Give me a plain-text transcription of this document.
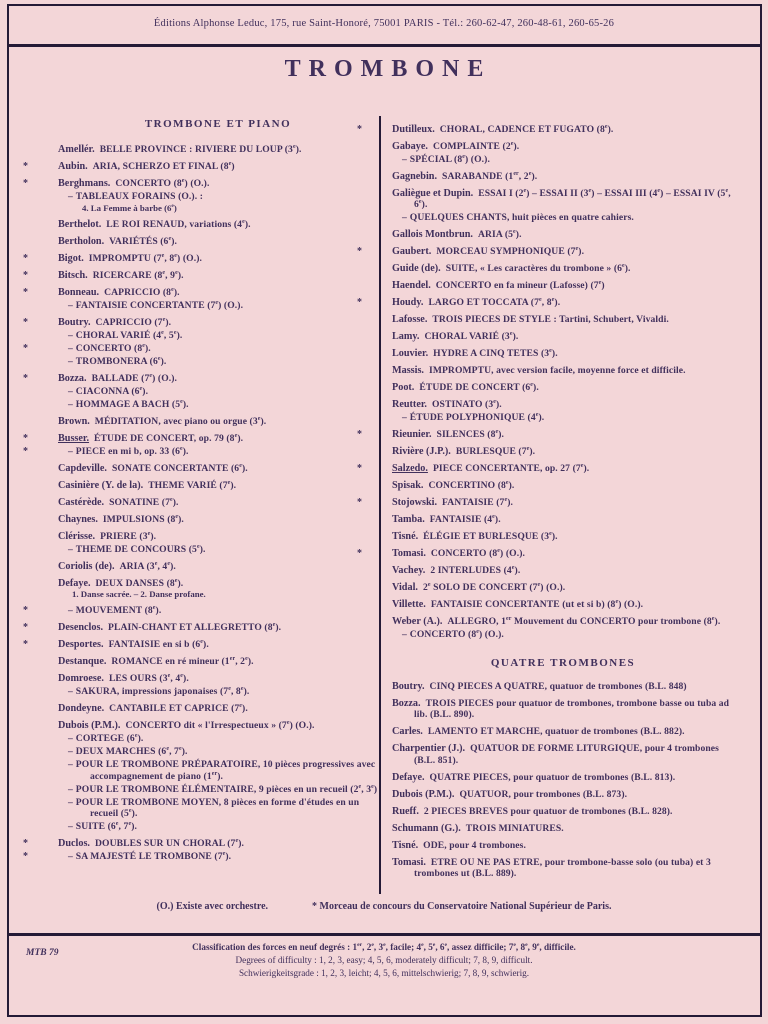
Éditions Alphonse Leduc, 175, rue Saint-Honoré, 75001 PARIS - Tél.: 260-62-47, 260-48-61, 260-65-26
TROMBONE
TROMBONE ET PIANO
Amellér. BELLE PROVINCE : RIVIERE DU LOUP (3e).
*	Aubin. ARIA, SCHERZO ET FINAL (8e)
*	Berghmans. CONCERTO (8e) (O.).
– TABLEAUX FORAINS (O.). :
4. La Femme à barbe (6e)
Berthelot. LE ROI RENAUD, variations (4e).
Bertholon. VARIÉTÉS (6e).
*	Bigot. IMPROMPTU (7e, 8e) (O.).
*	Bitsch. RICERCARE (8e, 9e).
*	Bonneau. CAPRICCIO (8e).
– FANTAISIE CONCERTANTE (7e) (O.).
*	Boutry. CAPRICCIO (7e).
– CHORAL VARIÉ (4e, 5e).
*	– CONCERTO (8e).
– TROMBONERA (6e).
*	Bozza. BALLADE (7e) (O.).
– CIACONNA (6e).
– HOMMAGE A BACH (5e).
Brown. MÉDITATION, avec piano ou orgue (3e).
*	Busser. ÉTUDE DE CONCERT, op. 79 (8e).
*	– PIECE en mi b, op. 33 (6e).
Capdeville. SONATE CONCERTANTE (6e).
Casinière (Y. de la). THEME VARIÉ (7e).
Castérède. SONATINE (7e).
Chaynes. IMPULSIONS (8e).
Clérisse. PRIERE (3e).
– THEME DE CONCOURS (5e).
Coriolis (de). ARIA (3e, 4e).
Defaye. DEUX DANSES (8e).
1. Danse sacrée. – 2. Danse profane.
*	– MOUVEMENT (8e).
*	Desenclos. PLAIN-CHANT ET ALLEGRETTO (8e).
*	Desportes. FANTAISIE en si b (6e).
Destanque. ROMANCE en ré mineur (1er, 2e).
Domroese. LES OURS (3e, 4e).
– SAKURA, impressions japonaises (7e, 8e).
Dondeyne. CANTABILE ET CAPRICE (7e).
Dubois (P.M.). CONCERTO dit « l'Irrespectueux » (7e) (O.).
– CORTEGE (6e).
– DEUX MARCHES (6e, 7e).
– POUR LE TROMBONE PRÉPARATOIRE, 10 pièces progressives avec accompagnement de piano (1er).
– POUR LE TROMBONE ÉLÉMENTAIRE, 9 pièces en un recueil (2e, 3e)
– POUR LE TROMBONE MOYEN, 8 pièces en forme d'études en un recueil (5e).
– SUITE (6e, 7e).
*	Duclos. DOUBLES SUR UN CHORAL (7e).
*	– SA MAJESTÉ LE TROMBONE (7e).
*	Dutilleux. CHORAL, CADENCE ET FUGATO (8e).
Gabaye. COMPLAINTE (2e).
– SPÉCIAL (8e) (O.).
Gagnebin. SARABANDE (1er, 2e).
Galiègue et Dupin. ESSAI I (2e) – ESSAI II (3e) – ESSAI III (4e) – ESSAI IV (5e, 6e).
– QUELQUES CHANTS, huit pièces en quatre cahiers.
Gallois Montbrun. ARIA (5e).
*	Gaubert. MORCEAU SYMPHONIQUE (7e).
Guide (de). SUITE, « Les caractères du trombone » (6e).
Haendel. CONCERTO en fa mineur (Lafosse) (7e)
*	Houdy. LARGO ET TOCCATA (7e, 8e).
Lafosse. TROIS PIECES DE STYLE : Tartini, Schubert, Vivaldi.
Lamy. CHORAL VARIÉ (3e).
Louvier. HYDRE A CINQ TETES (3e).
Massis. IMPROMPTU, avec version facile, moyenne force et difficile.
Poot. ÉTUDE DE CONCERT (6e).
Reutter. OSTINATO (3e).
– ÉTUDE POLYPHONIQUE (4e).
*	Rieunier. SILENCES (8e).
Rivière (J.P.). BURLESQUE (7e).
*	Salzedo. PIECE CONCERTANTE, op. 27 (7e).
Spisak. CONCERTINO (8e).
*	Stojowski. FANTAISIE (7e).
Tamba. FANTAISIE (4e).
Tisné. ÉLÉGIE ET BURLESQUE (3e).
*	Tomasi. CONCERTO (8e) (O.).
Vachey. 2 INTERLUDES (4e).
Vidal. 2e SOLO DE CONCERT (7e) (O.).
Villette. FANTAISIE CONCERTANTE (ut et si b) (8e) (O.).
Weber (A.). ALLEGRO, 1er Mouvement du CONCERTO pour trombone (8e).
– CONCERTO (8e) (O.).
QUATRE TROMBONES
Boutry. CINQ PIECES A QUATRE, quatuor de trombones (B.L. 848)
Bozza. TROIS PIECES pour quatuor de trombones, trombone basse ou tuba ad lib. (B.L. 890).
Carles. LAMENTO ET MARCHE, quatuor de trombones (B.L. 882).
Charpentier (J.). QUATUOR DE FORME LITURGIQUE, pour 4 trombones (B.L. 851).
Defaye. QUATRE PIECES, pour quatuor de trombones (B.L. 813).
Dubois (P.M.). QUATUOR, pour trombones (B.L. 873).
Rueff. 2 PIECES BREVES pour quatuor de trombones (B.L. 828).
Schumann (G.). TROIS MINIATURES.
Tisné. ODE, pour 4 trombones.
Tomasi. ETRE OU NE PAS ETRE, pour trombone-basse solo (ou tuba) et 3 trombones ut (B.L. 889).
(O.) Existe avec orchestre.	* Morceau de concours du Conservatoire National Supérieur de Paris.
MTB 79
Classification des forces en neuf degrés : 1er, 2e, 3e, facile; 4e, 5e, 6e, assez difficile; 7e, 8e, 9e, difficile.
Degrees of difficulty : 1, 2, 3, easy; 4, 5, 6, moderately difficult; 7, 8, 9, difficult.
Schwierigkeitsgrade : 1, 2, 3, leicht; 4, 5, 6, mittelschwierig; 7, 8, 9, schwierig.
